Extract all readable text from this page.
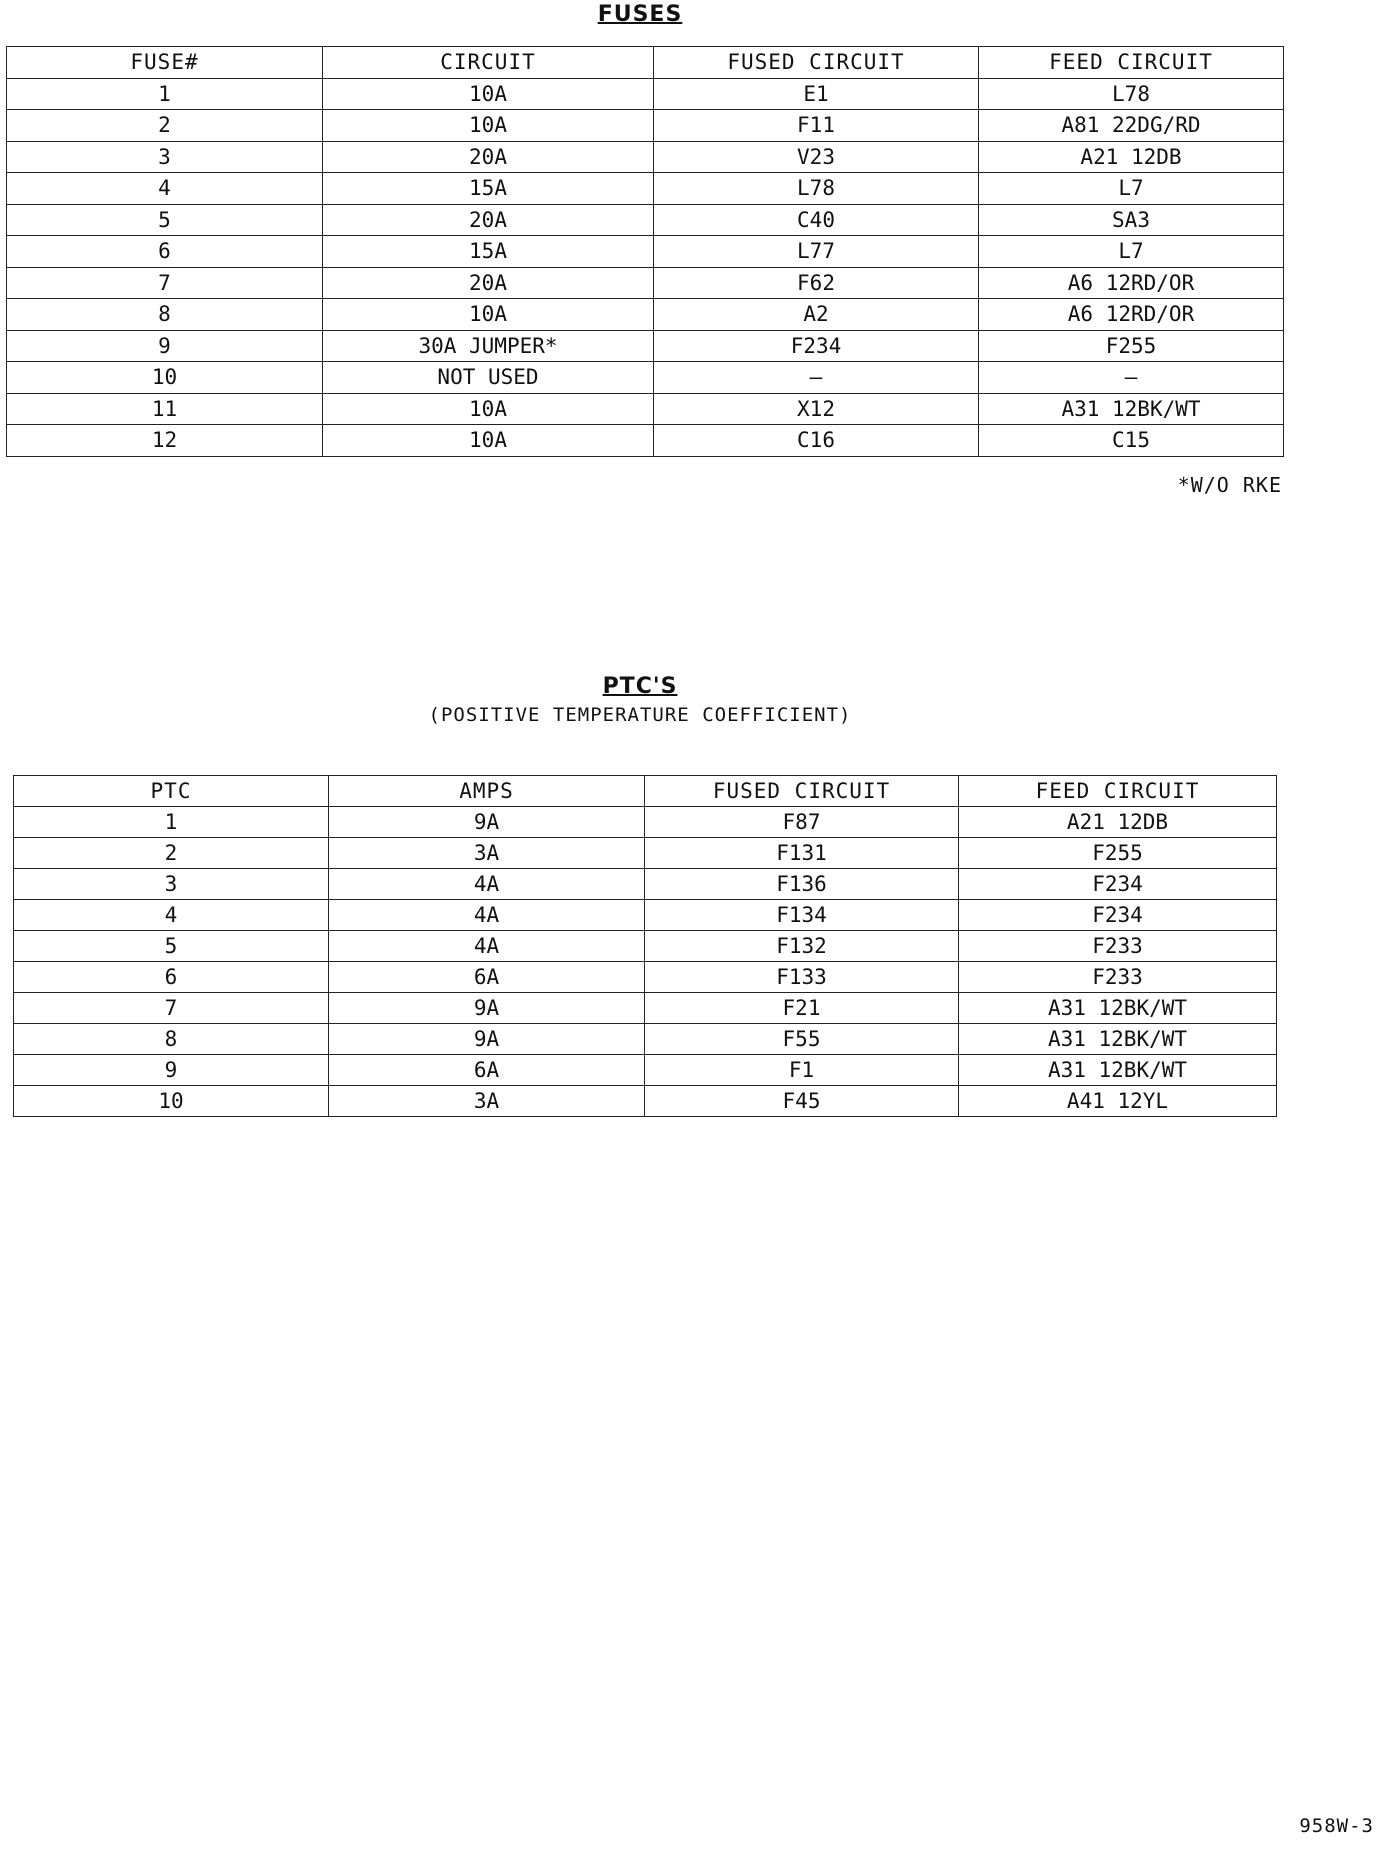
FUSES
FUSE#	CIRCUIT	FUSED CIRCUIT	FEED CIRCUIT
1	10A	E1	L78
2	10A	F11	A81 22DG/RD
3	20A	V23	A21 12DB
4	15A	L78	L7
5	20A	C40	SA3
6	15A	L77	L7
7	20A	F62	A6 12RD/OR
8	10A	A2	A6 12RD/OR
9	30A JUMPER*	F234	F255
10	NOT USED	–	–
11	10A	X12	A31 12BK/WT
12	10A	C16	C15
*W/O RKE
PTC'S
(POSITIVE TEMPERATURE COEFFICIENT)
PTC	AMPS	FUSED CIRCUIT	FEED CIRCUIT
1	9A	F87	A21 12DB
2	3A	F131	F255
3	4A	F136	F234
4	4A	F134	F234
5	4A	F132	F233
6	6A	F133	F233
7	9A	F21	A31 12BK/WT
8	9A	F55	A31 12BK/WT
9	6A	F1	A31 12BK/WT
10	3A	F45	A41 12YL
958W-3
